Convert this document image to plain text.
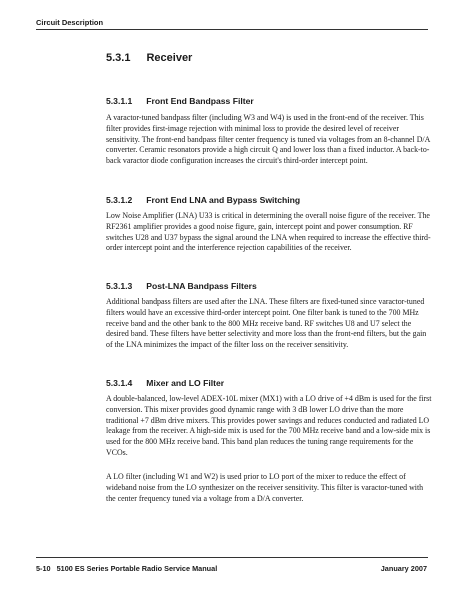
Circuit Description
5.3.1 Receiver
5.3.1.1 Front End Bandpass Filter

A varactor-tuned bandpass filter (including W3 and W4) is used in the front-end of the receiver. This filter provides first-image rejection with minimal loss to provide the desired level of receiver sensitivity. The front-end bandpass filter center frequency is tuned via voltages from an 8-channel D/A converter. Ceramic resonators provide a high circuit Q and lower loss than a fixed inductor. A back-to-back varactor diode configuration increases the circuit's third-order intercept point.

5.3.1.2 Front End LNA and Bypass Switching

Low Noise Amplifier (LNA) U33 is critical in determining the overall noise figure of the receiver. The RF2361 amplifier provides a good noise figure, gain, intercept point and power consumption. RF switches U28 and U37 bypass the signal around the LNA when required to increase the effective third-order intercept point and the interference rejection capabilities of the receiver.

5.3.1.3 Post-LNA Bandpass Filters

Additional bandpass filters are used after the LNA. These filters are fixed-tuned since varactor-tuned filters would have an excessive third-order intercept point. One filter bank is tuned to the 700 MHz receive band and the other bank to the 800 MHz receive band. RF switches U8 and U7 select the desired band. These filters have better selectivity and more loss than the front-end filters, but the gain of the LNA minimizes the impact of the filter loss on the receiver sensitivity.

5.3.1.4 Mixer and LO Filter

A double-balanced, low-level ADEX-10L mixer (MX1) with a LO drive of +4 dBm is used for the first conversion. This mixer provides good dynamic range with 3 dB lower LO drive than the more traditional +7 dBm drive mixers. This provides power savings and reduces conducted and radiated LO leakage from the receiver. A high-side mix is used for the 700 MHz receive band and a low-side mix is used for the 800 MHz receive band. This band plan reduces the tuning range requirements for the VCOs.

A LO filter (including W1 and W2) is used prior to LO port of the mixer to reduce the effect of wideband noise from the LO synthesizer on the receiver sensitivity. This filter is varactor-tuned with the center frequency tuned via a voltage from a D/A converter.

5-10 5100 ES Series Portable Radio Service Manual	January 2007
